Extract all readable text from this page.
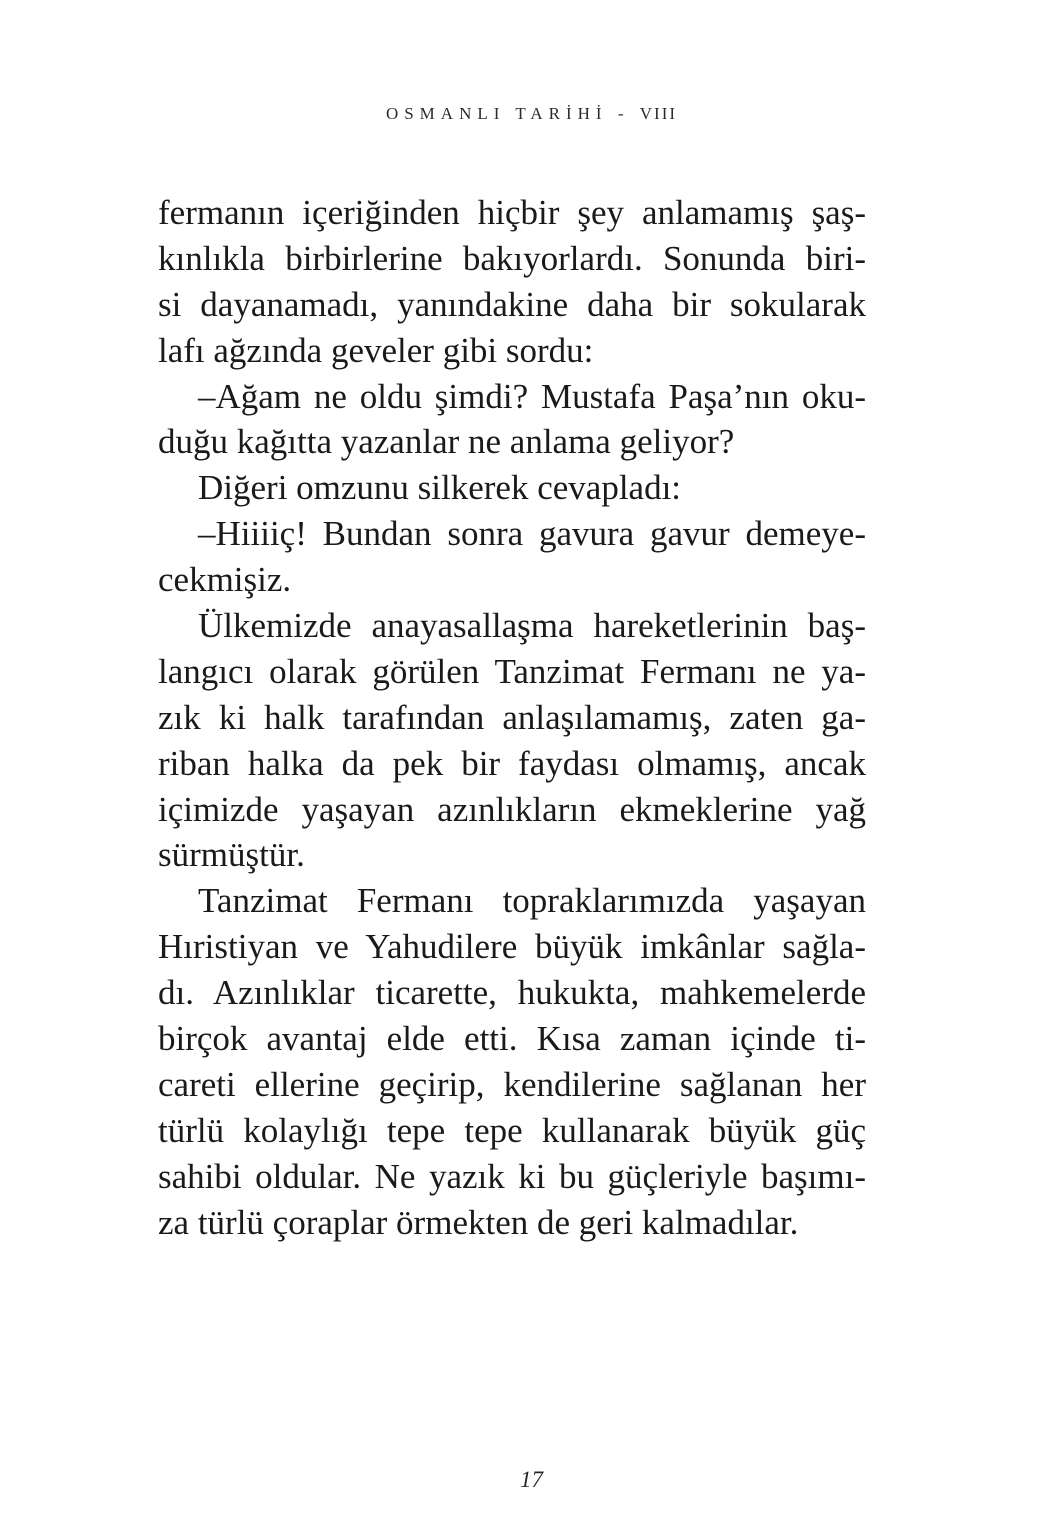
OSMANLI TARİHİ - VIII
fermanın içeriğinden hiçbir şey anlamamış şaş-
kınlıkla birbirlerine bakıyorlardı. Sonunda biri-
si dayanamadı, yanındakine daha bir sokularak
lafı ağzında geveler gibi sordu:
–Ağam ne oldu şimdi? Mustafa Paşa’nın oku-
duğu kağıtta yazanlar ne anlama geliyor?
Diğeri omzunu silkerek cevapladı:
–Hiiiiç! Bundan sonra gavura gavur demeye-
cekmişiz.
Ülkemizde anayasallaşma hareketlerinin baş-
langıcı olarak görülen Tanzimat Fermanı ne ya-
zık ki halk tarafından anlaşılamamış, zaten ga-
riban halka da pek bir faydası olmamış, ancak
içimizde yaşayan azınlıkların ekmeklerine yağ
sürmüştür.
Tanzimat Fermanı topraklarımızda yaşayan
Hıristiyan ve Yahudilere büyük imkânlar sağla-
dı. Azınlıklar ticarette, hukukta, mahkemelerde
birçok avantaj elde etti. Kısa zaman içinde ti-
careti ellerine geçirip, kendilerine sağlanan her
türlü kolaylığı tepe tepe kullanarak büyük güç
sahibi oldular. Ne yazık ki bu güçleriyle başımı-
za türlü çoraplar örmekten de geri kalmadılar.
17
